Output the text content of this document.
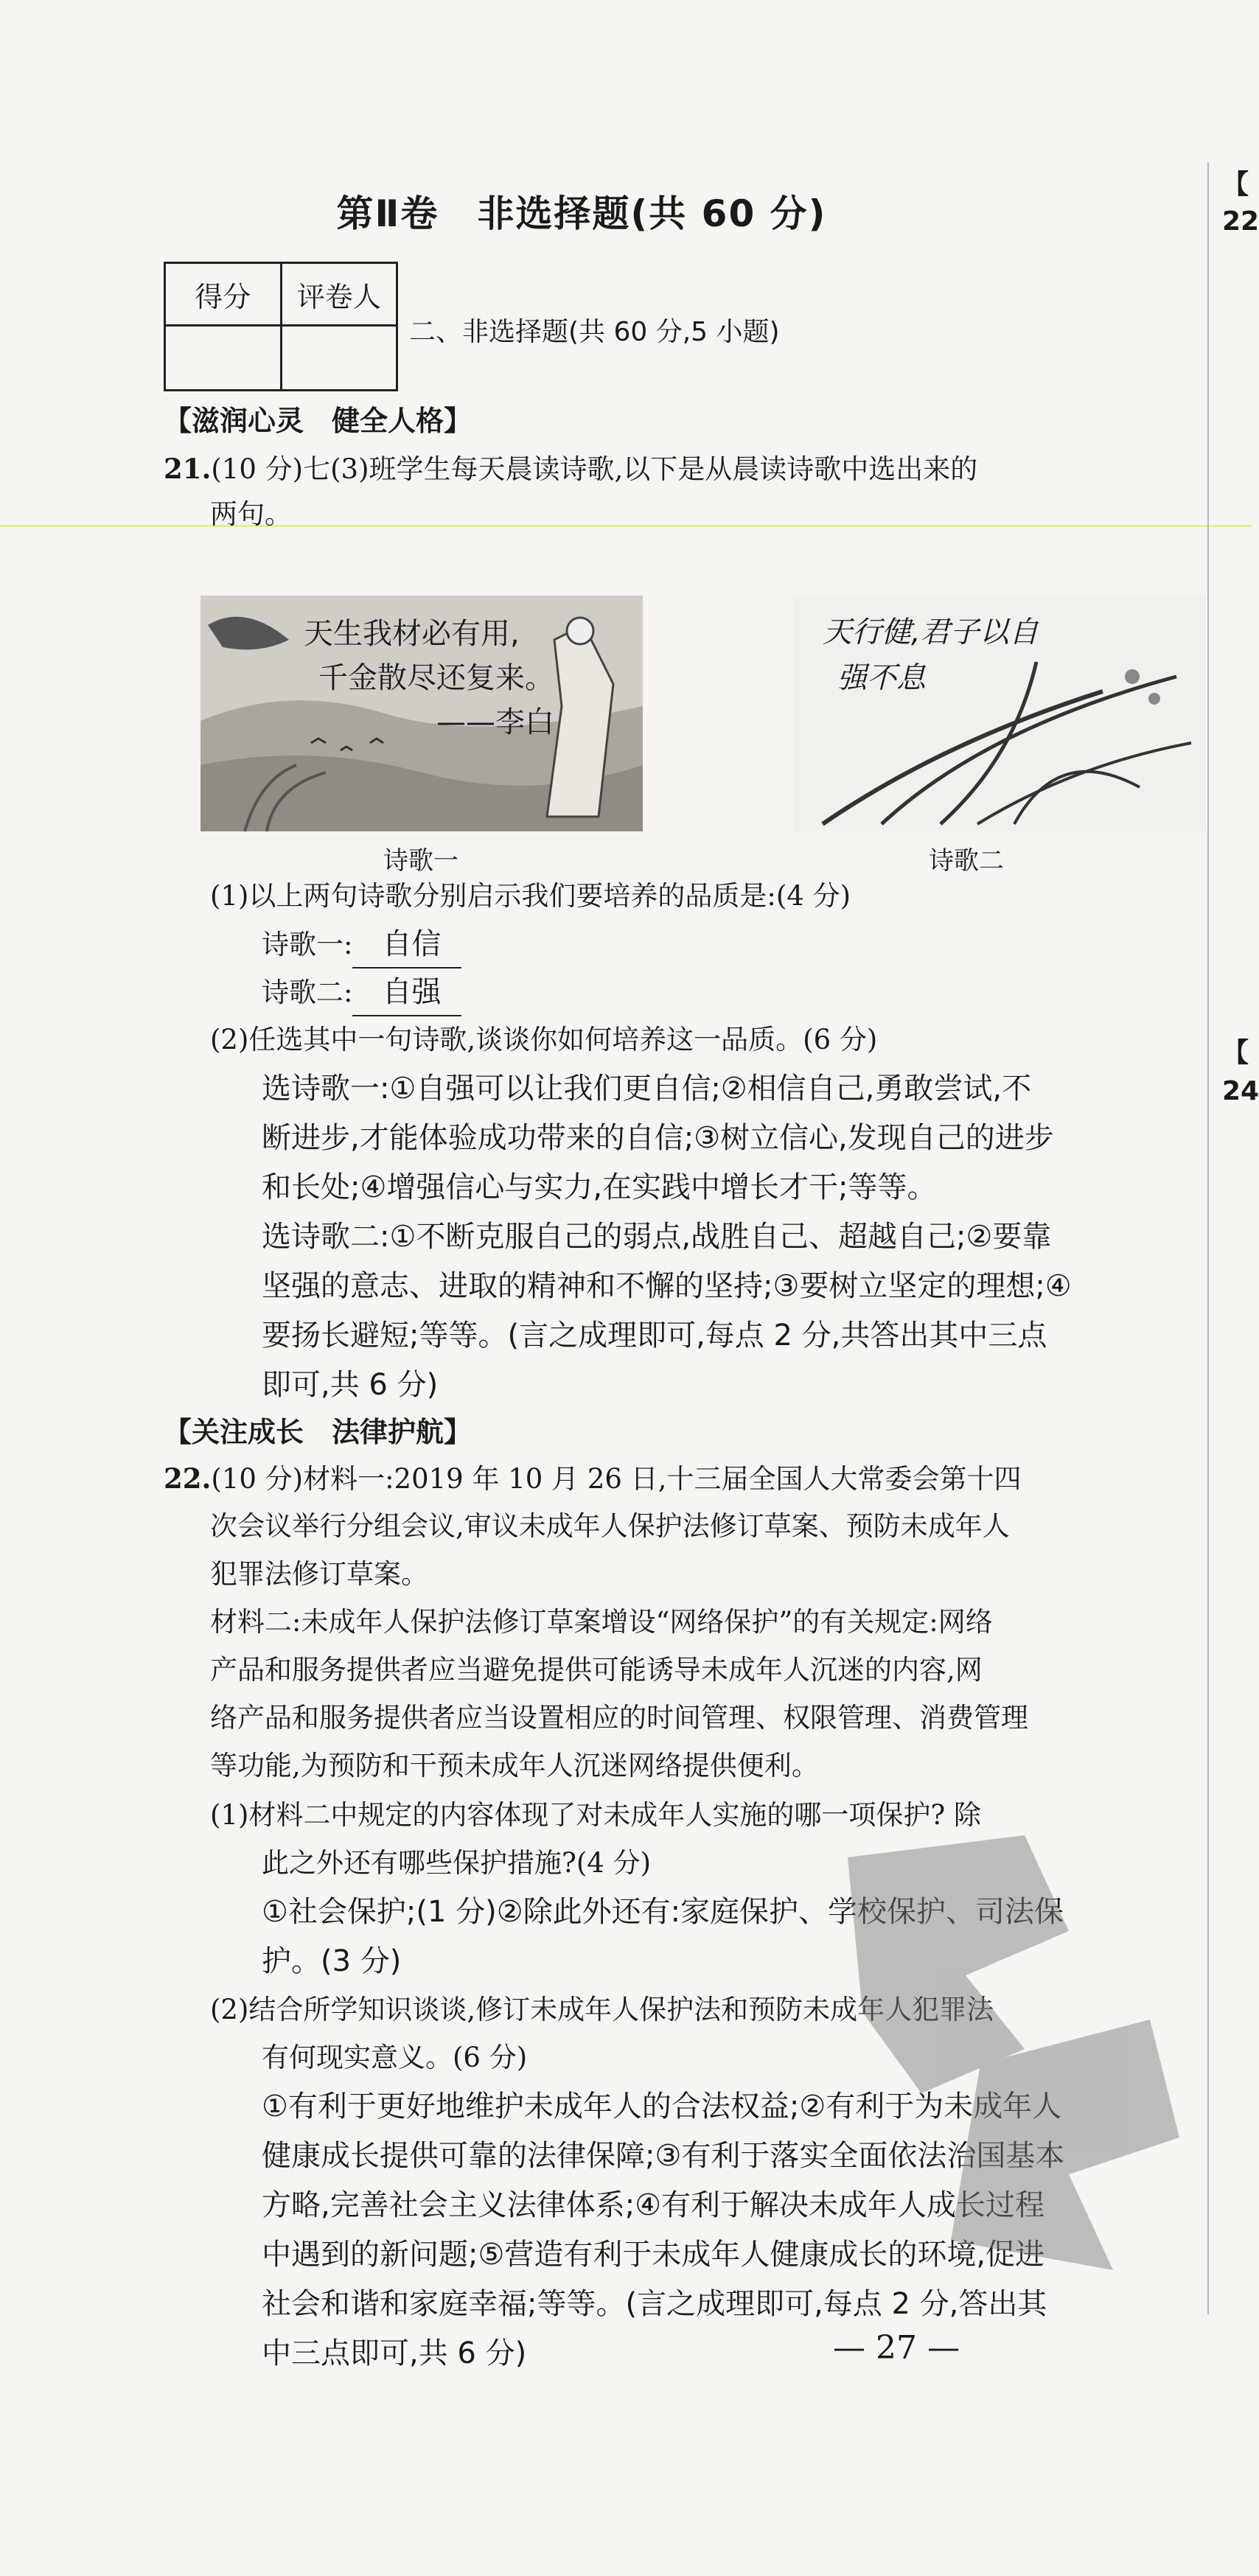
第Ⅱ卷　非选择题(共 60 分)
得分	评卷人

二、非选择题(共 60 分,5 小题)
【滋润心灵　健全人格】
21.(10 分)七(3)班学生每天晨读诗歌,以下是从晨读诗歌中选出来的
两句。
天生我材必有用,
千金散尽还复来。
——李白
诗歌一
天行健,君子以自
强不息
诗歌二
(1)以上两句诗歌分别启示我们要培养的品质是:(4 分)
诗歌一: 自信
诗歌二: 自强
(2)任选其中一句诗歌,谈谈你如何培养这一品质。(6 分)
选诗歌一:①自强可以让我们更自信;②相信自己,勇敢尝试,不
断进步,才能体验成功带来的自信;③树立信心,发现自己的进步
和长处;④增强信心与实力,在实践中增长才干;等等。
选诗歌二:①不断克服自己的弱点,战胜自己、超越自己;②要靠
坚强的意志、进取的精神和不懈的坚持;③要树立坚定的理想;④
要扬长避短;等等。(言之成理即可,每点 2 分,共答出其中三点
即可,共 6 分)
【关注成长　法律护航】
22.(10 分)材料一:2019 年 10 月 26 日,十三届全国人大常委会第十四
次会议举行分组会议,审议未成年人保护法修订草案、预防未成年人
犯罪法修订草案。
材料二:未成年人保护法修订草案增设“网络保护”的有关规定:网络
产品和服务提供者应当避免提供可能诱导未成年人沉迷的内容,网
络产品和服务提供者应当设置相应的时间管理、权限管理、消费管理
等功能,为预防和干预未成年人沉迷网络提供便利。
(1)材料二中规定的内容体现了对未成年人实施的哪一项保护? 除
此之外还有哪些保护措施?(4 分)
①社会保护;(1 分)②除此外还有:家庭保护、学校保护、司法保
护。(3 分)
(2)结合所学知识谈谈,修订未成年人保护法和预防未成年人犯罪法
有何现实意义。(6 分)
①有利于更好地维护未成年人的合法权益;②有利于为未成年人
健康成长提供可靠的法律保障;③有利于落实全面依法治国基本
方略,完善社会主义法律体系;④有利于解决未成年人成长过程
中遇到的新问题;⑤营造有利于未成年人健康成长的环境,促进
社会和谐和家庭幸福;等等。(言之成理即可,每点 2 分,答出其
中三点即可,共 6 分)
【
22
【
24
— 27 —
